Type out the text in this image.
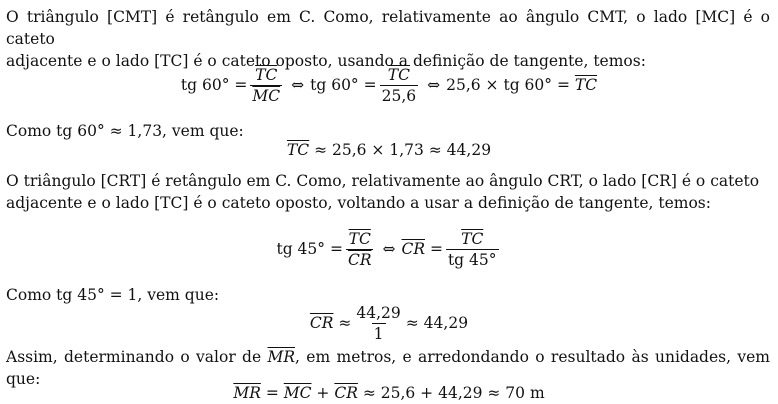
O triângulo [CMT] é retângulo em C. Como, relativamente ao ângulo CMT, o lado [MC] é o cateto
adjacente e o lado [TC] é o cateto oposto, usando a definição de tangente, temos:
tg $60^\circ = \frac{\overline{TC}}{MC}$ ⇔ tg $60^\circ = \frac{\overline{TC}}{25,6}$ ⇔ 25,6 × tg 60° =
$\overline{TC}$
Como tg 60° ≈ 1,73, vem que:
$\overline{TC}$
≈ 25,6 × 1,73 ≈ 44,29
O triângulo [CRT] é retângulo em C. Como, relativamente ao ângulo CRT, o lado [CR] é o cateto
adjacente e o lado [TC] é o cateto oposto, voltando a usar a definição de tangente, temos:
tg $45^\circ = \frac{\overline{TC}}{CR}$ ⇔ $\overline{CR}$
= $\frac{\overline{TC}}{tg 45^\circ}$
Como tg 45° = 1, vem que:
$\overline{CR}$
≈ $\frac{44,29}{1} \approx 44,29$
Assim, determinando o valor de $\overline{MR}$, em metros, e arredondando o resultado às unidades, vem que:
$\overline{MR}$
=
$\overline{MC}$
+
$\overline{CR}$
≈ 25,6 + 44,29 ≈ 70 m
